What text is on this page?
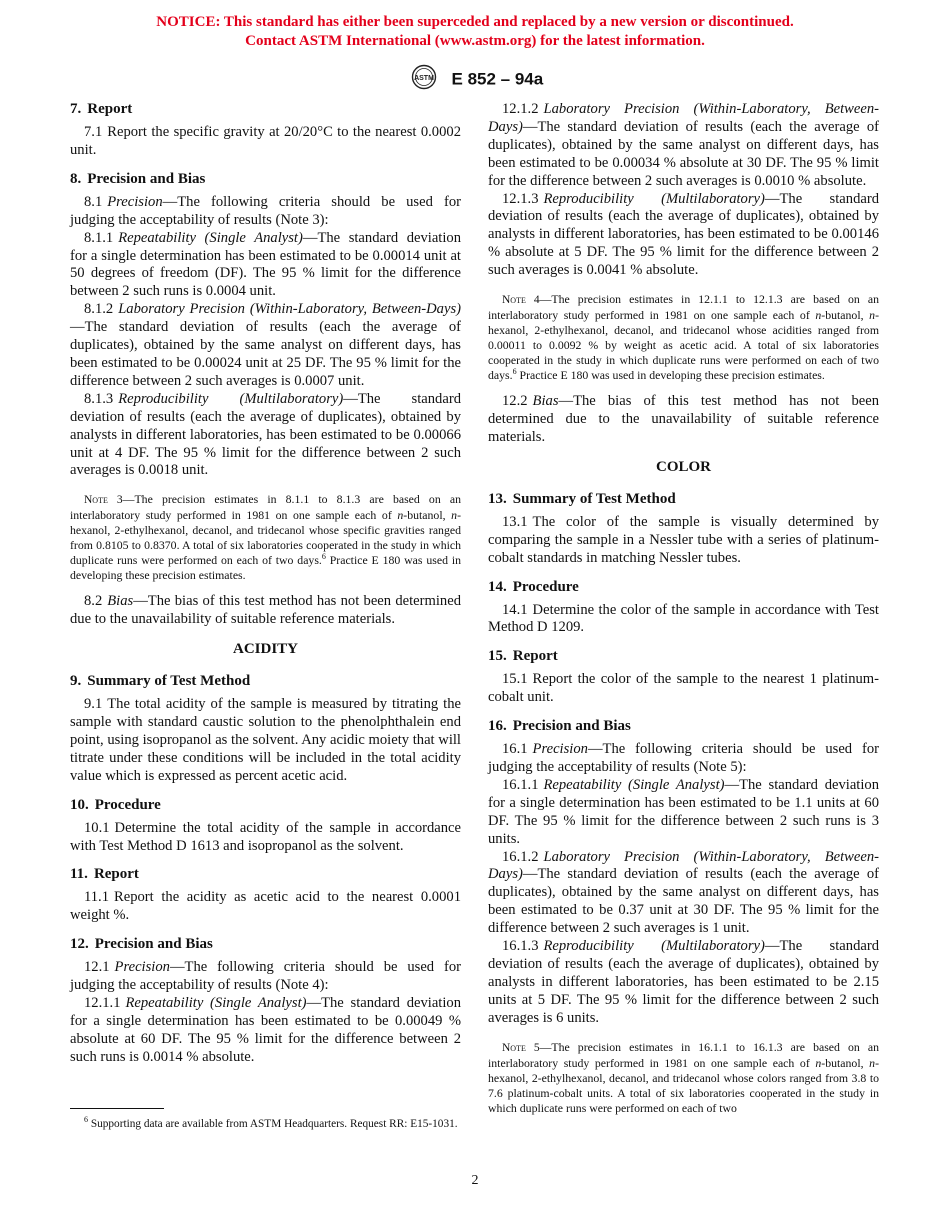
NOTICE: This standard has either been superceded and replaced by a new version or discontinued.
Contact ASTM International (www.astm.org) for the latest information.
ASTM E 852 – 94a
7. Report

7.1 Report the specific gravity at 20/20°C to the nearest 0.0002 unit.

8. Precision and Bias

8.1 Precision—The following criteria should be used for judging the acceptability of results (Note 3):

8.1.1 Repeatability (Single Analyst)—The standard deviation for a single determination has been estimated to be 0.00014 unit at 50 degrees of freedom (DF). The 95 % limit for the difference between 2 such runs is 0.0004 unit.

8.1.2 Laboratory Precision (Within-Laboratory, Between-Days)—The standard deviation of results (each the average of duplicates), obtained by the same analyst on different days, has been estimated to be 0.00024 unit at 25 DF. The 95 % limit for the difference between 2 such averages is 0.0007 unit.

8.1.3 Reproducibility (Multilaboratory)—The standard deviation of results (each the average of duplicates), obtained by analysts in different laboratories, has been estimated to be 0.00066 unit at 4 DF. The 95 % limit for the difference between 2 such averages is 0.0018 unit.

Note 3—The precision estimates in 8.1.1 to 8.1.3 are based on an interlaboratory study performed in 1981 on one sample each of n-butanol, n-hexanol, 2-ethylhexanol, decanol, and tridecanol whose specific gravities ranged from 0.8105 to 0.8370. A total of six laboratories cooperated in the study in which duplicate runs were performed on each of two days.$^6$ Practice E 180 was used in developing these precision estimates.

8.2 Bias—The bias of this test method has not been determined due to the unavailability of suitable reference materials.

ACIDITY
9. Summary of Test Method

9.1 The total acidity of the sample is measured by titrating the sample with standard caustic solution to the phenolphthalein end point, using isopropanol as the solvent. Any acidic moiety that will titrate under these conditions will be included in the total acidity value which is expressed as percent acetic acid.

10. Procedure

10.1 Determine the total acidity of the sample in accordance with Test Method D 1613 and isopropanol as the solvent.

11. Report

11.1 Report the acidity as acetic acid to the nearest 0.0001 weight %.

12. Precision and Bias

12.1 Precision—The following criteria should be used for judging the acceptability of results (Note 4):

12.1.1 Repeatability (Single Analyst)—The standard deviation for a single determination has been estimated to be 0.00049 % absolute at 60 DF. The 95 % limit for the difference between 2 such runs is 0.0014 % absolute.

12.1.2 Laboratory Precision (Within-Laboratory, Between-Days)—The standard deviation of results (each the average of duplicates), obtained by the same analyst on different days, has been estimated to be 0.00034 % absolute at 30 DF. The 95 % limit for the difference between 2 such averages is 0.0010 % absolute.

12.1.3 Reproducibility (Multilaboratory)—The standard deviation of results (each the average of duplicates), obtained by analysts in different laboratories, has been estimated to be 0.00146 % absolute at 5 DF. The 95 % limit for the difference between 2 such averages is 0.0041 % absolute.

Note 4—The precision estimates in 12.1.1 to 12.1.3 are based on an interlaboratory study performed in 1981 on one sample each of n-butanol, n-hexanol, 2-ethylhexanol, decanol, and tridecanol whose acidities ranged from 0.00011 to 0.0092 % by weight as acetic acid. A total of six laboratories cooperated in the study in which duplicate runs were performed on each of two days.$^6$ Practice E 180 was used in developing these precision estimates.

12.2 Bias—The bias of this test method has not been determined due to the unavailability of suitable reference materials.

COLOR
13. Summary of Test Method

13.1 The color of the sample is visually determined by comparing the sample in a Nessler tube with a series of platinum-cobalt standards in matching Nessler tubes.

14. Procedure

14.1 Determine the color of the sample in accordance with Test Method D 1209.

15. Report

15.1 Report the color of the sample to the nearest 1 platinum-cobalt unit.

16. Precision and Bias

16.1 Precision—The following criteria should be used for judging the acceptability of results (Note 5):

16.1.1 Repeatability (Single Analyst)—The standard deviation for a single determination has been estimated to be 1.1 units at 60 DF. The 95 % limit for the difference between 2 such runs is 3 units.

16.1.2 Laboratory Precision (Within-Laboratory, Between-Days)—The standard deviation of results (each the average of duplicates), obtained by the same analyst on different days, has been estimated to be 0.37 unit at 30 DF. The 95 % limit for the difference between 2 such averages is 1 unit.

16.1.3 Reproducibility (Multilaboratory)—The standard deviation of results (each the average of duplicates), obtained by analysts in different laboratories, has been estimated to be 2.15 units at 5 DF. The 95 % limit for the difference between 2 such averages is 6 units.

Note 5—The precision estimates in 16.1.1 to 16.1.3 are based on an interlaboratory study performed in 1981 on one sample each of n-butanol, n-hexanol, 2-ethylhexanol, decanol, and tridecanol whose colors ranged from 3.8 to 7.6 platinum-cobalt units. A total of six laboratories cooperated in the study in which duplicate runs were performed on each of two

$^6$ Supporting data are available from ASTM Headquarters. Request RR: E15-1031.
2
